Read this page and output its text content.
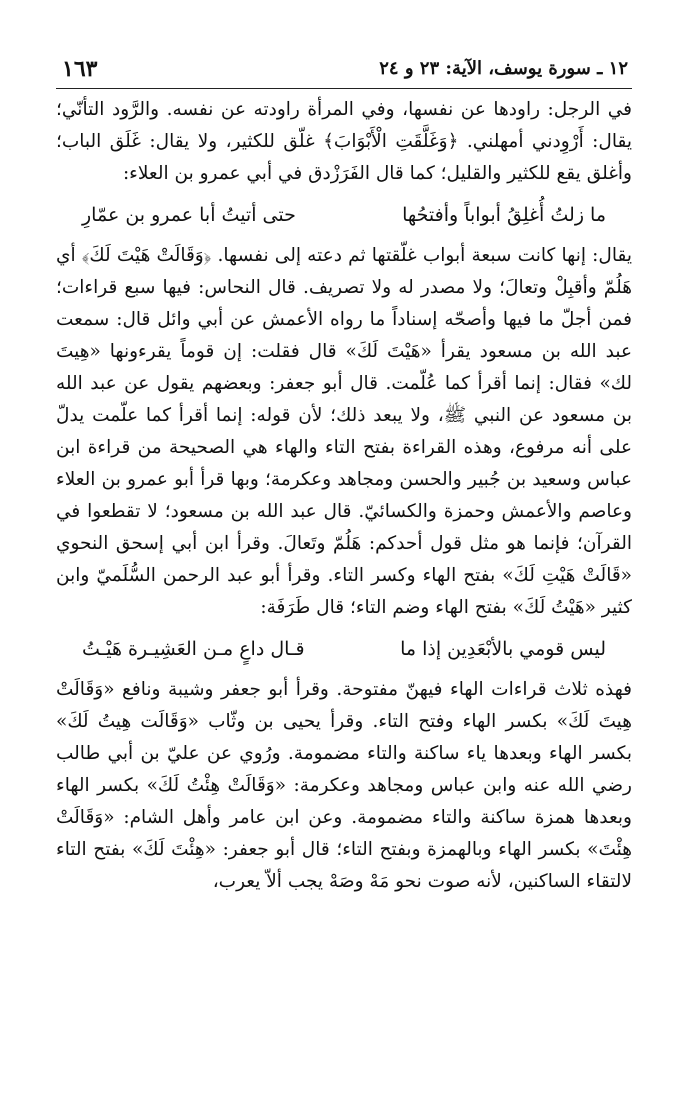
١٢ ـ سورة يوسف، الآية: ٢٣ و ٢٤
١٦٣

في الرجل: راودها عن نفسها، وفي المرأة راودته عن نفسه. والرَّود التأنّي؛ يقال: أَرْوِدني أمهلني. ﴿وَغَلَّقَتِ الْأَبْوَابَ﴾ غلّق للكثير، ولا يقال: غَلَق الباب؛ وأغلق يقع للكثير والقليل؛ كما قال الفَرَزْدق في أبي عمرو بن العلاء:

ما زلتُ أُغلِقُ أبواباً وأفتحُها
حتى أتيتُ أبا عمرو بن عمّارِ

يقال: إنها كانت سبعة أبواب غلّقتها ثم دعته إلى نفسها. ﴿وَقَالَتْ هَيْتَ لَكَ﴾ أي هَلُمّ وأقبِلْ وتعالَ؛ ولا مصدر له ولا تصريف. قال النحاس: فيها سبع قراءات؛ فمن أجلّ ما فيها وأصحّه إسناداً ما رواه الأعمش عن أبي وائل قال: سمعت عبد الله بن مسعود يقرأ «هَيْتَ لَكَ» قال فقلت: إن قوماً يقرءونها «هِيتَ لك» فقال: إنما أقرأ كما عُلّمت. قال أبو جعفر: وبعضهم يقول عن عبد الله بن مسعود عن النبي ﷺ، ولا يبعد ذلك؛ لأن قوله: إنما أقرأ كما علّمت يدلّ على أنه مرفوع، وهذه القراءة بفتح التاء والهاء هي الصحيحة من قراءة ابن عباس وسعيد بن جُبير والحسن ومجاهد وعكرمة؛ وبها قرأ أبو عمرو بن العلاء وعاصم والأعمش وحمزة والكسائيّ. قال عبد الله بن مسعود؛ لا تقطعوا في القرآن؛ فإنما هو مثل قول أحدكم: هَلُمّ وتَعالَ. وقرأ ابن أبي إسحق النحوي «قَالَتْ هَيْتِ لَكَ» بفتح الهاء وكسر التاء. وقرأ أبو عبد الرحمن السُّلَميّ وابن كثير «هَيْتُ لَكَ» بفتح الهاء وضم التاء؛ قال طَرَفَة:

ليس قومي بالأبْعَدِين إذا ما
قـال داعٍ مـن العَشِيـرة هَيْـتُ

فهذه ثلاث قراءات الهاء فيهنّ مفتوحة. وقرأ أبو جعفر وشيبة ونافع «وَقَالَتْ هِيتَ لَكَ» بكسر الهاء وفتح التاء. وقرأ يحيى بن وثّاب «وَقَالَت هِيتُ لَكَ» بكسر الهاء وبعدها ياء ساكنة والتاء مضمومة. ورُوي عن عليّ بن أبي طالب رضي الله عنه وابن عباس ومجاهد وعكرمة: «وَقَالَتْ هِئْتُ لَكَ» بكسر الهاء وبعدها همزة ساكنة والتاء مضمومة. وعن ابن عامر وأهل الشام: «وَقَالَتْ هِئْتَ» بكسر الهاء وبالهمزة وبفتح التاء؛ قال أبو جعفر: «هِئْتَ لَكَ» بفتح التاء لالتقاء الساكنين، لأنه صوت نحو مَهْ وصَهْ يجب ألاّ يعرب،
